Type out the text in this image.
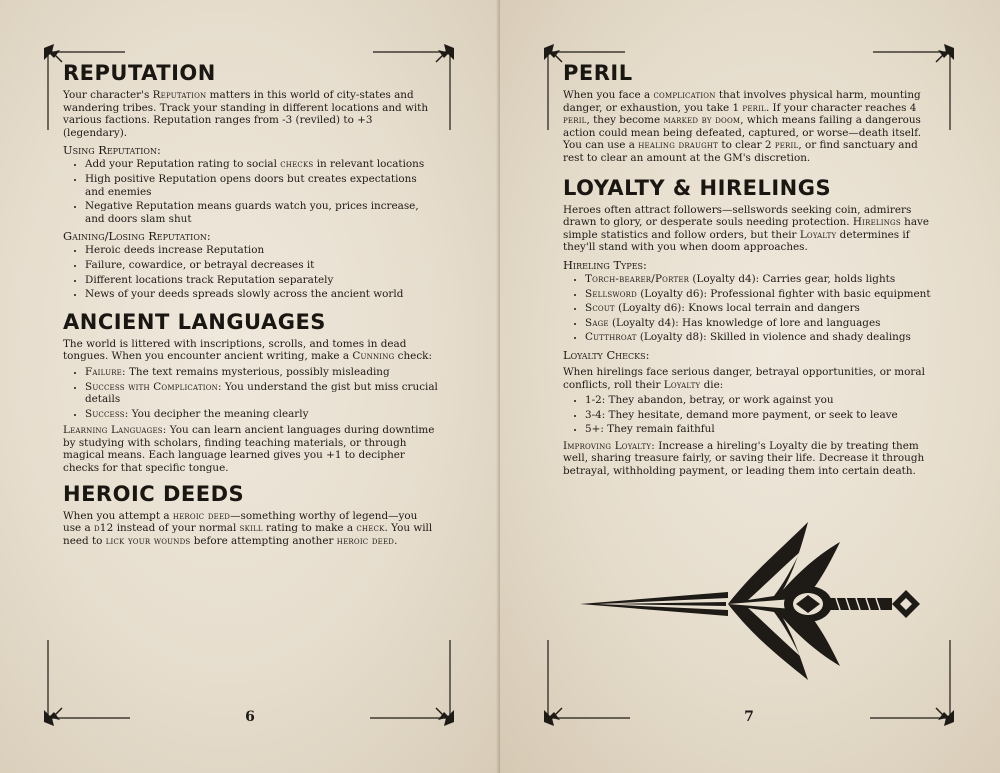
REPUTATION

Your character's Reputation matters in this world of city-states and wandering tribes. Track your standing in different locations and with various factions. Reputation ranges from -3 (reviled) to +3 (legendary).

Using Reputation:
• Add your Reputation rating to social checks in relevant locations
• High positive Reputation opens doors but creates expectations and enemies
• Negative Reputation means guards watch you, prices increase, and doors slam shut
Gaining/Losing Reputation:
• Heroic deeds increase Reputation
• Failure, cowardice, or betrayal decreases it
• Different locations track Reputation separately
• News of your deeds spreads slowly across the ancient world
ANCIENT LANGUAGES

The world is littered with inscriptions, scrolls, and tomes in dead tongues. When you encounter ancient writing, make a Cunning check:

• Failure: The text remains mysterious, possibly misleading
• Success with Complication: You understand the gist but miss crucial details
• Success: You decipher the meaning clearly

Learning Languages: You can learn ancient languages during downtime by studying with scholars, finding teaching materials, or through magical means. Each language learned gives you +1 to decipher checks for that specific tongue.

HEROIC DEEDS

When you attempt a heroic deed—something worthy of legend—you use a d12 instead of your normal skill rating to make a check. You will need to lick your wounds before attempting another heroic deed.

6
PERIL

When you face a complication that involves physical harm, mounting danger, or exhaustion, you take 1 peril. If your character reaches 4 peril, they become marked by doom, which means failing a dangerous action could mean being defeated, captured, or worse—death itself. You can use a healing draught to clear 2 peril, or find sanctuary and rest to clear an amount at the GM's discretion.

LOYALTY & HIRELINGS

Heroes often attract followers—sellswords seeking coin, admirers drawn to glory, or desperate souls needing protection. Hirelings have simple statistics and follow orders, but their Loyalty determines if they'll stand with you when doom approaches.

Hireling Types:
• Torch-bearer/Porter (Loyalty d4): Carries gear, holds lights
• Sellsword (Loyalty d6): Professional fighter with basic equipment
• Scout (Loyalty d6): Knows local terrain and dangers
• Sage (Loyalty d4): Has knowledge of lore and languages
• Cutthroat (Loyalty d8): Skilled in violence and shady dealings
Loyalty Checks:

When hirelings face serious danger, betrayal opportunities, or moral conflicts, roll their Loyalty die:

• 1-2: They abandon, betray, or work against you
• 3-4: They hesitate, demand more payment, or seek to leave
• 5+: They remain faithful

Improving Loyalty: Increase a hireling's Loyalty die by treating them well, sharing treasure fairly, or saving their life. Decrease it through betrayal, withholding payment, or leading them into certain death.

7
